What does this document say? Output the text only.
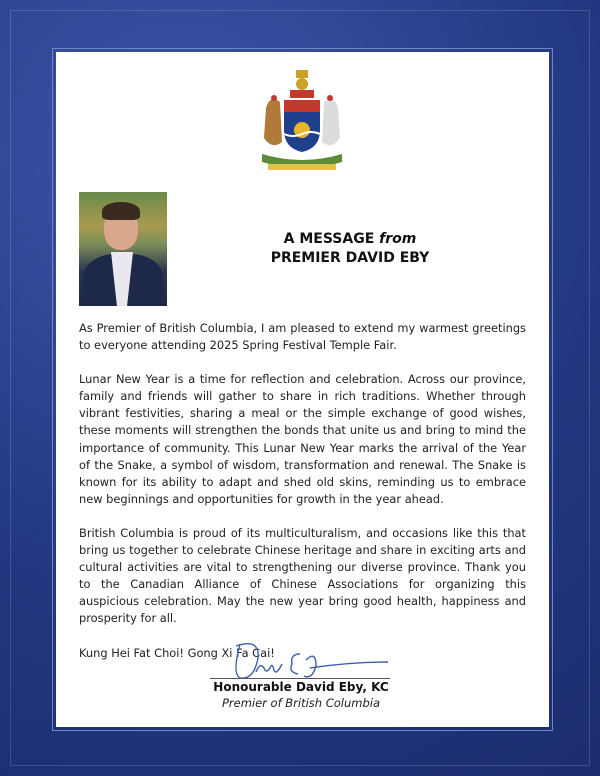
A MESSAGE from
PREMIER DAVID EBY

As Premier of British Columbia, I am pleased to extend my warmest greetings to everyone attending 2025 Spring Festival Temple Fair.

Lunar New Year is a time for reflection and celebration. Across our province, family and friends will gather to share in rich traditions. Whether through vibrant festivities, sharing a meal or the simple exchange of good wishes, these moments will strengthen the bonds that unite us and bring to mind the importance of community. This Lunar New Year marks the arrival of the Year of the Snake, a symbol of wisdom, transformation and renewal. The Snake is known for its ability to adapt and shed old skins, reminding us to embrace new beginnings and opportunities for growth in the year ahead.

British Columbia is proud of its multiculturalism, and occasions like this that bring us together to celebrate Chinese heritage and share in exciting arts and cultural activities are vital to strengthening our diverse province. Thank you to the Canadian Alliance of Chinese Associations for organizing this auspicious celebration. May the new year bring good health, happiness and prosperity for all.

Kung Hei Fat Choi! Gong Xi Fa Cai!

Honourable David Eby, KC
Premier of British Columbia
